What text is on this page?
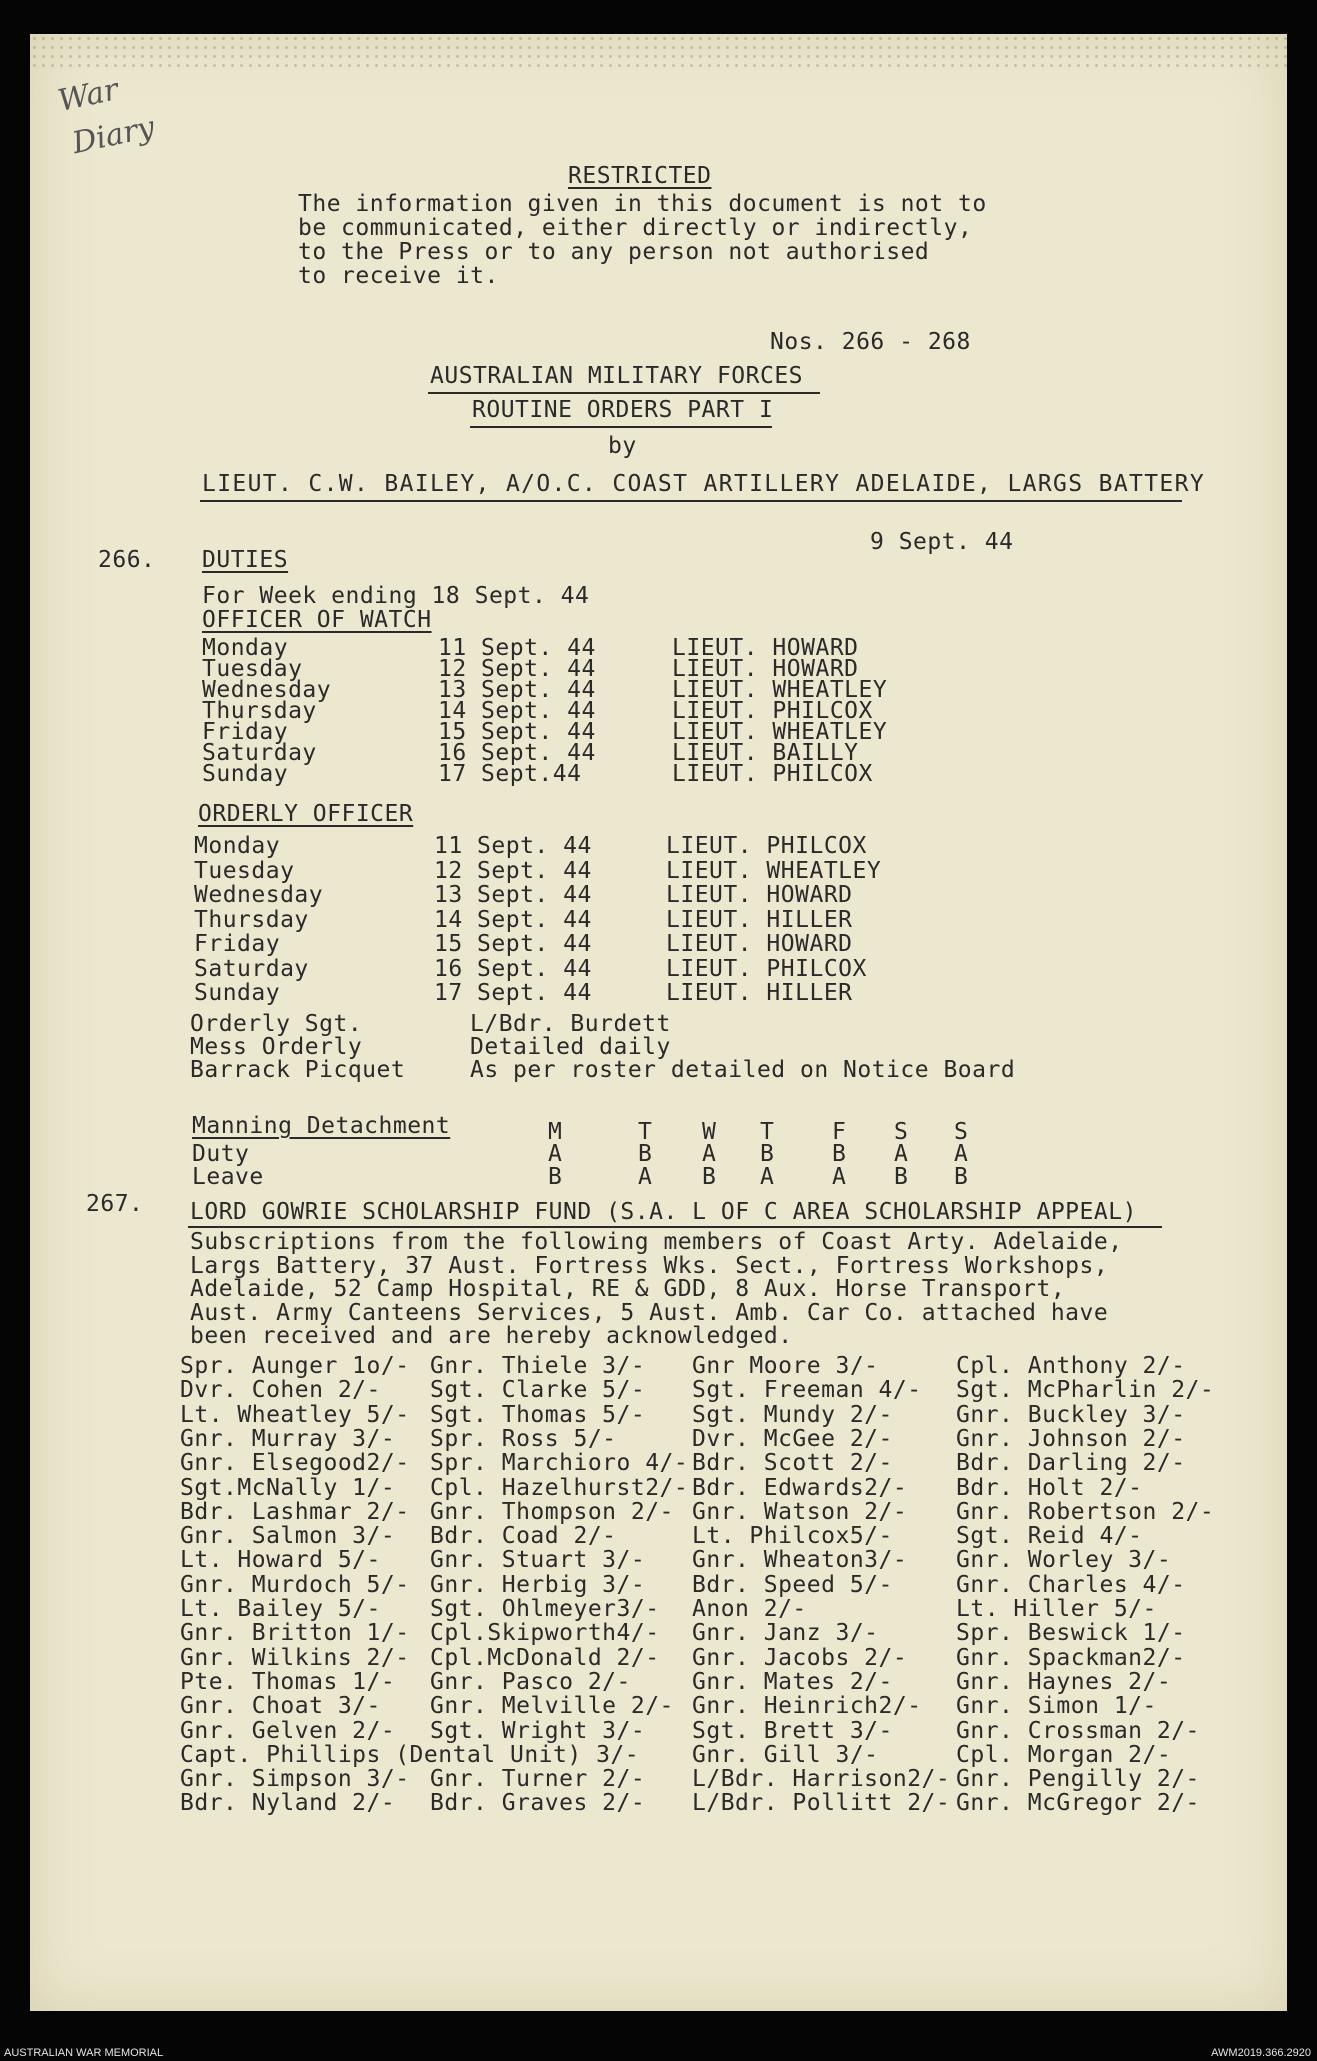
War
Diary
RESTRICTED
The information given in this document is not to
be communicated, either directly or indirectly,
to the Press or to any person not authorised
to receive it.
Nos. 266 - 268
AUSTRALIAN MILITARY FORCES
ROUTINE ORDERS PART I
by
LIEUT. C.W. BAILEY, A/O.C. COAST ARTILLERY ADELAIDE, LARGS BATTERY
9 Sept. 44
266. DUTIES
For Week ending 18 Sept. 44
OFFICER OF WATCH
Monday	11 Sept. 44	LIEUT. HOWARD
Tuesday	12 Sept. 44	LIEUT. HOWARD
Wednesday	13 Sept. 44	LIEUT. WHEATLEY
Thursday	14 Sept. 44	LIEUT. PHILCOX
Friday	15 Sept. 44	LIEUT. WHEATLEY
Saturday	16 Sept. 44	LIEUT. BAILLY
Sunday	17 Sept.44	LIEUT. PHILCOX
ORDERLY OFFICER
Monday	11 Sept. 44	LIEUT. PHILCOX
Tuesday	12 Sept. 44	LIEUT. WHEATLEY
Wednesday	13 Sept. 44	LIEUT. HOWARD
Thursday	14 Sept. 44	LIEUT. HILLER
Friday	15 Sept. 44	LIEUT. HOWARD
Saturday	16 Sept. 44	LIEUT. PHILCOX
Sunday	17 Sept. 44	LIEUT. HILLER
Orderly Sgt.	L/Bdr. Burdett
Mess Orderly	Detailed daily
Barrack Picquet	As per roster detailed on Notice Board
Manning Detachment	M	T W T	F S S
Duty	A	B A B	B A A
Leave	B	A B A	A B B
267. LORD GOWRIE SCHOLARSHIP FUND (S.A. L OF C AREA SCHOLARSHIP APPEAL)
Subscriptions from the following members of Coast Arty. Adelaide,
Largs Battery, 37 Aust. Fortress Wks. Sect., Fortress Workshops,
Adelaide, 52 Camp Hospital, RE & GDD, 8 Aux. Horse Transport,
Aust. Army Canteens Services, 5 Aust. Amb. Car Co. attached have
been received and are hereby acknowledged.
Spr. Aunger 1o/- Gnr. Thiele 3/- Gnr Moore 3/-	Cpl. Anthony 2/-
Dvr. Cohen 2/- Sgt. Clarke 5/- Sgt. Freeman 4/- Sgt. McPharlin 2/-
Lt. Wheatley 5/- Sgt. Thomas 5/- Sgt. Mundy 2/-	Gnr. Buckley 3/-
Gnr. Murray 3/- Spr. Ross 5/-	Dvr. McGee 2/-	Gnr. Johnson 2/-
Gnr. Elsegood2/- Spr. Marchioro 4/- Bdr. Scott 2/-	Bdr. Darling 2/-
Sgt.McNally 1/- Cpl. Hazelhurst2/- Bdr. Edwards2/- Bdr. Holt 2/-
Bdr. Lashmar 2/- Gnr. Thompson 2/- Gnr. Watson 2/- Gnr. Robertson 2/-
Gnr. Salmon 3/- Bdr. Coad 2/-	Lt. Philcox5/-	Sgt. Reid 4/-
Lt. Howard 5/- Gnr. Stuart 3/- Gnr. Wheaton3/- Gnr. Worley 3/-
Gnr. Murdoch 5/- Gnr. Herbig 3/- Bdr. Speed 5/-	Gnr. Charles 4/-
Lt. Bailey 5/- Sgt. Ohlmeyer3/- Anon 2/-	Lt. Hiller 5/-
Gnr. Britton 1/- Cpl.Skipworth4/- Gnr. Janz 3/-	Spr. Beswick 1/-
Gnr. Wilkins 2/- Cpl.McDonald 2/- Gnr. Jacobs 2/- Gnr. Spackman2/-
Pte. Thomas 1/- Gnr. Pasco 2/-	Gnr. Mates 2/-	Gnr. Haynes 2/-
Gnr. Choat 3/- Gnr. Melville 2/- Gnr. Heinrich2/- Gnr. Simon 1/-
Gnr. Gelven 2/- Sgt. Wright 3/- Sgt. Brett 3/-	Gnr. Crossman 2/-
Capt. Phillips (Dental Unit) 3/- Gnr. Gill 3/-	Cpl. Morgan 2/-
Gnr. Simpson 3/- Gnr. Turner 2/- L/Bdr. Harrison2/- Gnr. Pengilly 2/-
Bdr. Nyland 2/- Bdr. Graves 2/- L/Bdr. Pollitt 2/- Gnr. McGregor 2/-
AUSTRALIAN WAR MEMORIAL	AWM2019.366.2920
